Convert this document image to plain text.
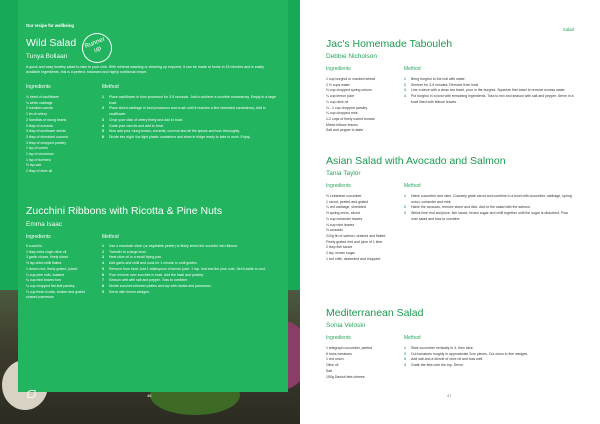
Our recipe for wellbeing
Wild Salad
Tunya Bollaan
A quick and easy healthy salad to take to your club. With minimal washing or cleaning up required, it can be made at home in 15 minutes and is easily available ingredients, this is a perfect, balanced and highly nutritional recipe.
Ingredients	Method
¼ head of cauliflower
¼ white cabbage
2 medium carrots
1 tin of celery
2 handfuls of mung beans
3 tbsp of currants
3 tbsp of sunflower seeds
3 tbsp of shredded coconut
3 tbsp of chopped parsley
1 tsp of cumin
1 tsp of cinnamon
1 tsp of turmeric
½ tsp salt
2 tbsp of olive oil
1	Place cauliflower in food processor for 3-5 seconds. Just to achieve a crumble consistency. Empty in a large bowl.
2	Place sliced cabbage in food processor and crush until it reaches a fine shredded consistency. Add to cauliflower.
3	Chop your stick of celery finely and add to bowl.
4	Grate your carrots and add to bowl.
5	Now add your mung beans, currants, coconut and all the spices and toss thoroughly.
6	Divide into eight 4oz tight plastic containers and store in fridge ready to take to work. Enjoy!
Zucchini Ribbons with Ricotta & Pine Nuts
Emma Isaac
Ingredients	Method
6 zucchini
1 tbsp extra virgin olive oil
3 garlic cloves, finely sliced
½ tsp dried chilli flakes
1 lemon rind, finely grated, juiced
¼ cup pine nuts, toasted
¼ cup mint leaves torn
¼ cup chopped flat-leaf parsley
⅓ cup fresh ricotta, broken and grated
shaved parmesan
1	Use a mandolin slicer (or vegetable peeler) to finely shred the zucchini into ribbons.
2	Transfer to a large bowl.
3	Heat olive oil in a small frying pan.
4	Add garlic and chilli and cook for 1 minute or until golden.
5	Remove from heat. Add 1 tablespoon of lemon juice, 1 tsp. rind and the pine nuts. Set it aside to cool.
6	Pour mixture over zucchini in bowl. Add the basil and parsley.
7	Season well with salt and pepper. Toss to combine.
8	Divide zucchini between plates and top with ricotta and parmesan.
9	Serve with lemon wedges.
Runner up
46
Salad
Jac's Homemade Tabouleh
Debbie Nicholson
Ingredients	Method
1 cup burghul or cracked wheat
2 ½ cups water
½ cup chopped spring onions
¼ cup lemon juice
¼ cup olive oil
¾ - 1 cup chopped parsley
¼ cup chopped mint
1-2 cups of finely cubed tomato
Mixed lettuce leaves
Salt and pepper to taste
1	Bring burghul to the boil with water.
2	Simmer for 3-5 minutes. Remove from heat.
3	Line a sieve with a clean tea towel, pour in the burghul. Squeeze first towel to remove excess water.
4	Put burghul in a bowl with remaining ingredients. Toss to mix and season with salt and pepper. Serve in a bowl lined with lettuce leaves.
Asian Salad with Avocado and Salmon
Tania Taylor
Ingredients	Method
½ Lebanese cucumber
1 carrot, peeled and grated
¼ red cabbage, shredded
½ spring onion, sliced
¼ cup coriander leaves
¼ cup mint leaves
½ avocado
210g tin of salmon, drained and flaked
Finely grated rind and juice of 1 lime
2 tbsp fish sauce
2 tsp. brown sugar
1 red chilli, deseeded and chopped
1	Halve cucumber and slice. Coarsely grate carrot and combine in a bowl with cucumber, cabbage, spring onion, coriander and mint.
2	Halve the avocado, remove stone and dice. Add to the salad with the salmon.
3	Whisk lime rind and juice, fish sauce, brown sugar and chilli together until the sugar is dissolved. Pour over salad and toss to combine.
Mediterranean Salad
Sonia Veloski
Ingredients	Method
1 telegraph cucumber, peeled
6 truss tomatoes
1 red onion
Olive oil
Salt
150g Danish feta cheese
1	Slice cucumber vertically in 4, then slice.
2	Cut tomatoes roughly in approximate 2cm pieces. Cut onion in fine wedges.
3	Add salt and a drizzle of olive oil and toss well.
4	Grate the feta over the top. Serve.
47
